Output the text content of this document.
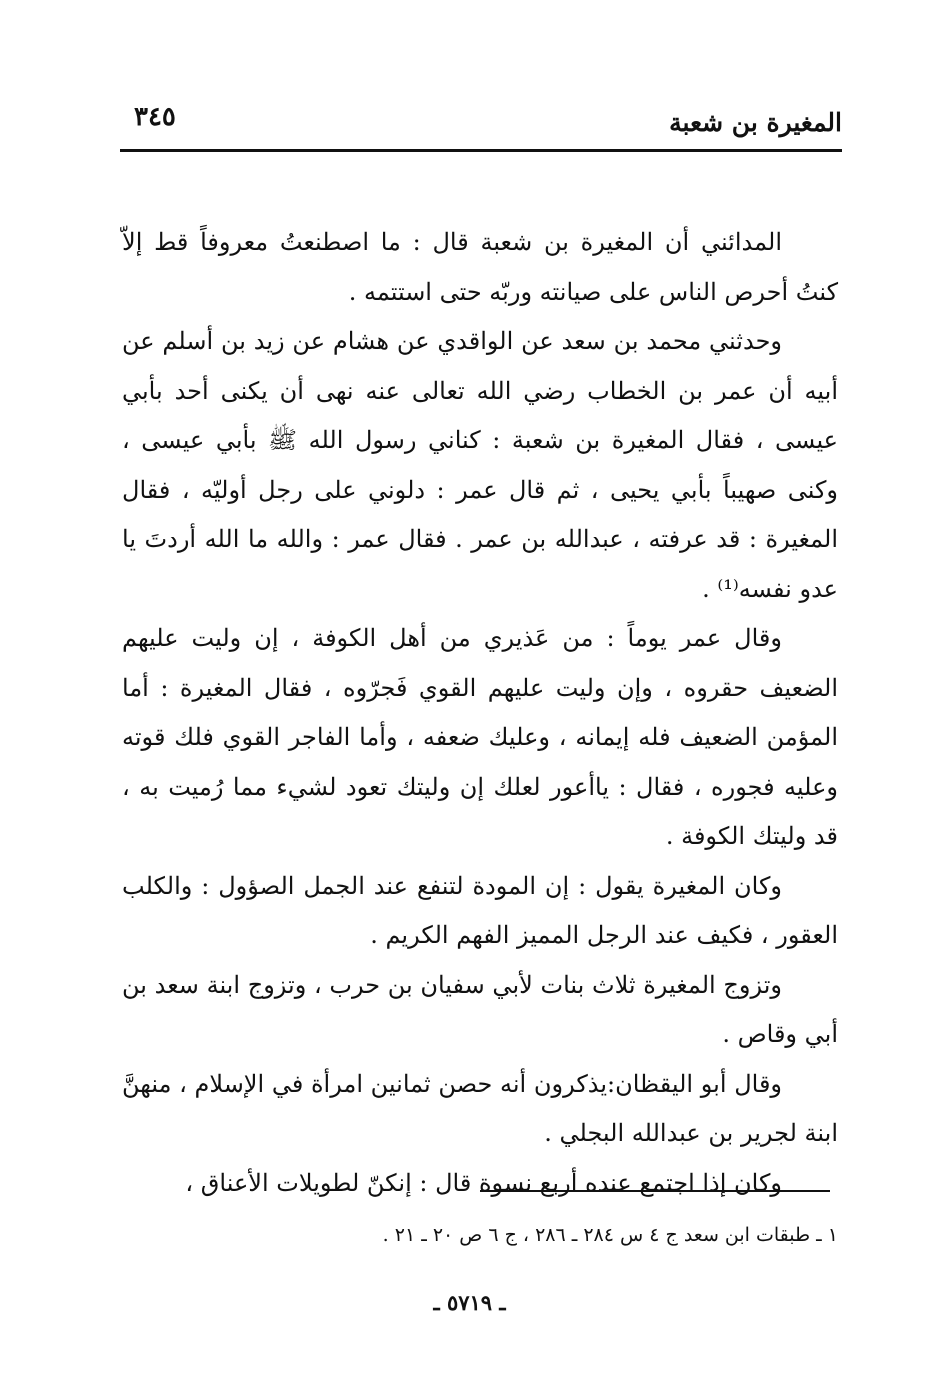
المغيرة بن شعبة
٣٤٥

المدائني أن المغيرة بن شعبة قال : ما اصطنعتُ معروفاً قط إلاّ كنتُ أحرص الناس على صيانته وربّه حتى استتمه .

وحدثني محمد بن سعد عن الواقدي عن هشام عن زيد بن أسلم عن أبيه أن عمر بن الخطاب رضي الله تعالى عنه نهى أن يكنى أحد بأبي عيسى ، فقال المغيرة بن شعبة : كناني رسول الله ﷺ بأبي عيسى ، وكنى صهيباً بأبي يحيى ، ثم قال عمر : دلوني على رجل أوليّه ، فقال المغيرة : قد عرفته ، عبدالله بن عمر . فقال عمر : والله ما الله أردتَ يا عدو نفسه⁽¹⁾ .

وقال عمر يوماً : من عَذيري من أهل الكوفة ، إن وليت عليهم الضعيف حقروه ، وإن وليت عليهم القوي فَجرّوه ، فقال المغيرة : أما المؤمن الضعيف فله إيمانه ، وعليك ضعفه ، وأما الفاجر القوي فلك قوته وعليه فجوره ، فقال : ياأعور لعلك إن وليتك تعود لشيء مما رُميت به ، قد وليتك الكوفة .

وكان المغيرة يقول : إن المودة لتنفع عند الجمل الصؤول : والكلب العقور ، فكيف عند الرجل المميز الفهم الكريم .

وتزوج المغيرة ثلاث بنات لأبي سفيان بن حرب ، وتزوج ابنة سعد بن أبي وقاص .

وقال أبو اليقظان:يذكرون أنه حصن ثمانين امرأة في الإسلام ، منهنَّ ابنة لجرير بن عبدالله البجلي .

وكان إذا اجتمع عنده أربع نسوة قال : إنكنّ لطويلات الأعناق ،

١ ـ طبقات ابن سعد ج ٤ س ٢٨٤ ـ ٢٨٦ ، ج ٦ ص ٢٠ ـ ٢١ .
ـ ٥٧١٩ ـ
